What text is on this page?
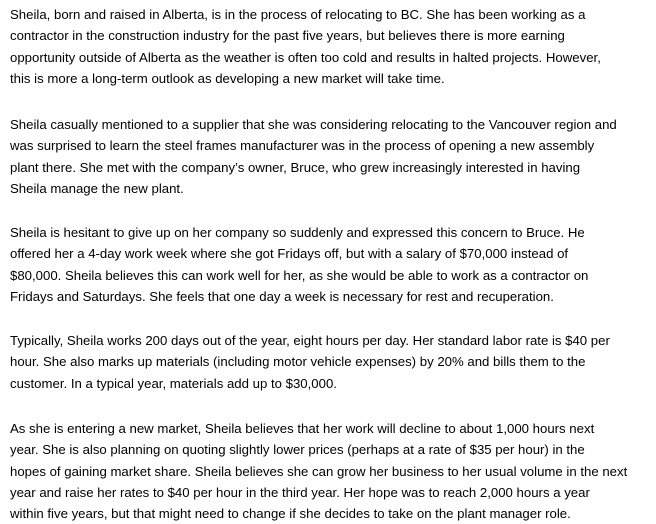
Sheila, born and raised in Alberta, is in the process of relocating to BC. She has been working as a
contractor in the construction industry for the past five years, but believes there is more earning
opportunity outside of Alberta as the weather is often too cold and results in halted projects. However,
this is more a long-term outlook as developing a new market will take time.

Sheila casually mentioned to a supplier that she was considering relocating to the Vancouver region and
was surprised to learn the steel frames manufacturer was in the process of opening a new assembly
plant there. She met with the company’s owner, Bruce, who grew increasingly interested in having
Sheila manage the new plant.

Sheila is hesitant to give up on her company so suddenly and expressed this concern to Bruce. He
offered her a 4-day work week where she got Fridays off, but with a salary of $70,000 instead of
$80,000. Sheila believes this can work well for her, as she would be able to work as a contractor on
Fridays and Saturdays. She feels that one day a week is necessary for rest and recuperation.

Typically, Sheila works 200 days out of the year, eight hours per day. Her standard labor rate is $40 per
hour. She also marks up materials (including motor vehicle expenses) by 20% and bills them to the
customer. In a typical year, materials add up to $30,000.

As she is entering a new market, Sheila believes that her work will decline to about 1,000 hours next
year. She is also planning on quoting slightly lower prices (perhaps at a rate of $35 per hour) in the
hopes of gaining market share. Sheila believes she can grow her business to her usual volume in the next
year and raise her rates to $40 per hour in the third year. Her hope was to reach 2,000 hours a year
within five years, but that might need to change if she decides to take on the plant manager role.
